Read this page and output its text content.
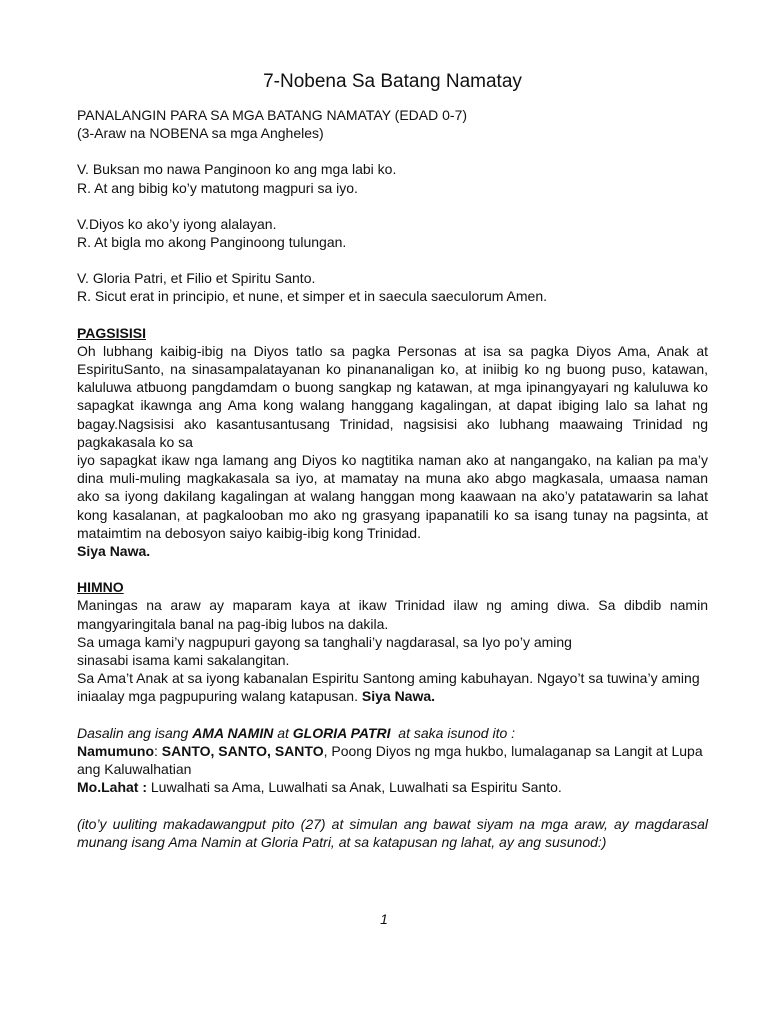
7-Nobena Sa Batang Namatay

PANALANGIN PARA SA MGA BATANG NAMATAY (EDAD 0-7)

(3-Araw na NOBENA sa mga Angheles)

V. Buksan mo nawa Panginoon ko ang mga labi ko.

R. At ang bibig ko’y matutong magpuri sa iyo.

V.Diyos ko ako’y iyong alalayan.

R. At bigla mo akong Panginoong tulungan.

V. Gloria Patri, et Filio et Spiritu Santo.

R. Sicut erat in principio, et nune, et simper et in saecula saeculorum Amen.

PAGSISISI

Oh lubhang kaibig-ibig na Diyos tatlo sa pagka Personas at isa sa pagka Diyos Ama, Anak at EspirituSanto, na sinasampalatayanan ko pinananaligan ko, at iniibig ko ng buong puso, katawan, kaluluwa atbuong pangdamdam o buong sangkap ng katawan, at mga ipinangyayari ng kaluluwa ko sapagkat ikawnga ang Ama kong walang hanggang kagalingan, at dapat ibiging lalo sa lahat ng bagay.Nagsisisi ako kasantusantusang Trinidad, nagsisisi ako lubhang maawaing Trinidad ng pagkakasala ko sa

iyo sapagkat ikaw nga lamang ang Diyos ko nagtitika naman ako at nangangako, na kalian pa ma’y dina muli-muling magkakasala sa iyo, at mamatay na muna ako abgo magkasala, umaasa naman ako sa iyong dakilang kagalingan at walang hanggan mong kaawaan na ako’y patatawarin sa lahat kong kasalanan, at pagkalooban mo ako ng grasyang ipapanatili ko sa isang tunay na pagsinta, at mataimtim na debosyon saiyo kaibig-ibig kong Trinidad.

Siya Nawa.

HIMNO

Maningas na araw ay maparam kaya at ikaw Trinidad ilaw ng aming diwa. Sa dibdib namin mangyaringitala banal na pag-ibig lubos na dakila.

Sa umaga kami’y nagpupuri gayong sa tanghali’y nagdarasal, sa Iyo po’y aming

sinasabi isama kami sakalangitan.

Sa Ama’t Anak at sa iyong kabanalan Espiritu Santong aming kabuhayan. Ngayo’t sa tuwina’y aming

iniaalay mga pagpupuring walang katapusan. Siya Nawa.

Dasalin ang isang AMA NAMIN at GLORIA PATRI  at saka isunod ito :

Namumuno: SANTO, SANTO, SANTO, Poong Diyos ng mga hukbo, lumalaganap sa Langit at Lupa ang Kaluwalhatian

Mo.Lahat : Luwalhati sa Ama, Luwalhati sa Anak, Luwalhati sa Espiritu Santo.

(ito’y uuliting makadawangput pito (27) at simulan ang bawat siyam na mga araw, ay magdarasal munang isang Ama Namin at Gloria Patri, at sa katapusan ng lahat, ay ang susunod:)

1
